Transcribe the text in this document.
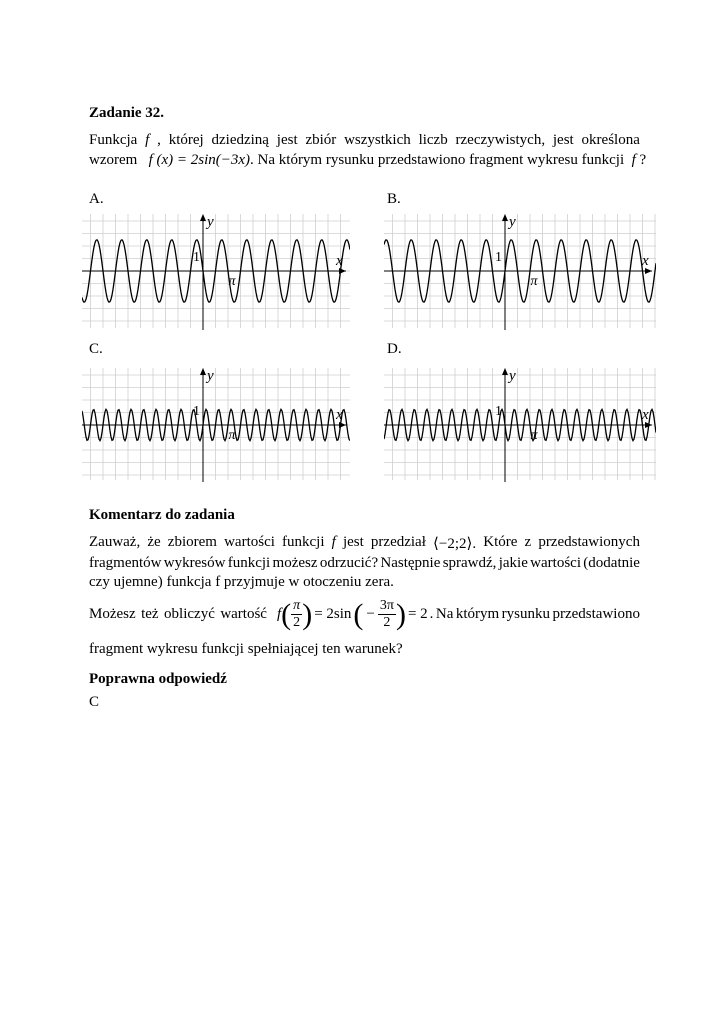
Zadanie 32.
Funkcja f , której dziedziną jest zbiór wszystkich liczb rzeczywistych, jest określona
wzorem f (x) = 2sin(−3x). Na którym rysunku przedstawiono fragment wykresu funkcji f ?
A.	B.
C.	D.
y
x
1
π
y
x
1
π
y
x
1
π
y
x
1
π
Komentarz do zadania
Zauważ, że zbiorem wartości funkcji f jest przedział ⟨−2;2⟩. Które z przedstawionych
fragmentów wykresów funkcji możesz odrzucić? Następnie sprawdź, jakie wartości (dodatnie
czy ujemne) funkcja f przyjmuje w otoczeniu zera.
Możesz też obliczyć wartość f ( $\frac{\pi}{2}$ ) = 2sin ( − $\frac{3\pi}{2}$ ) = 2 . Na którym rysunku przedstawiono
fragment wykresu funkcji spełniającej ten warunek?
Poprawna odpowiedź
C
